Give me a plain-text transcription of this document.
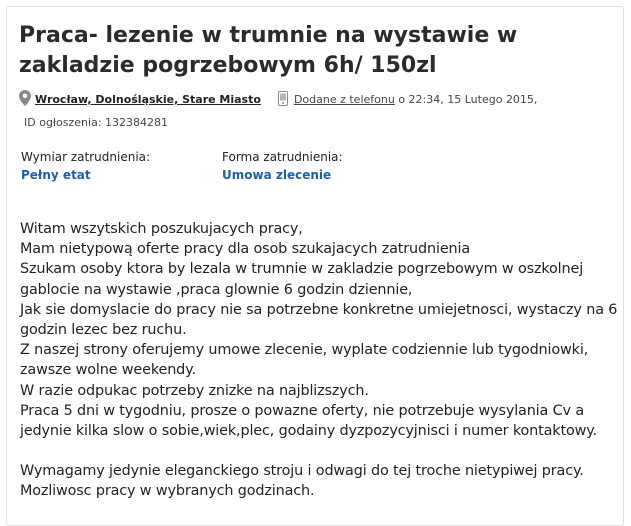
Praca- lezenie w trumnie na wystawie w
zakladzie pogrzebowym 6h/ 150zl
Wrocław, Dolnośląskie, Stare Miasto	Dodane z telefonu o 22:34, 15 Lutego 2015,
ID ogłoszenia: 132384281
Wymiar zatrudnienia:
Pełny etat
Forma zatrudnienia:
Umowa zlecenie

Witam wszytskich poszukujacych pracy,

Mam nietypową oferte pracy dla osob szukajacych zatrudnienia

Szukam osoby ktora by lezala w trumnie w zakladzie pogrzebowym w oszkolnej

gablocie na wystawie ,praca glownie 6 godzin dziennie,

Jak sie domyslacie do pracy nie sa potrzebne konkretne umiejetnosci, wystaczy na 6

godzin lezec bez ruchu.

Z naszej strony oferujemy umowe zlecenie, wyplate codziennie lub tygodniowki,

zawsze wolne weekendy.

W razie odpukac potrzeby znizke na najblizszych.

Praca 5 dni w tygodniu, prosze o powazne oferty, nie potrzebuje wysylania Cv a

jedynie kilka slow o sobie,wiek,plec, godainy dyzpozycyjnisci i numer kontaktowy.

Wymagamy jedynie eleganckiego stroju i odwagi do tej troche nietypiwej pracy.

Mozliwosc pracy w wybranych godzinach.
